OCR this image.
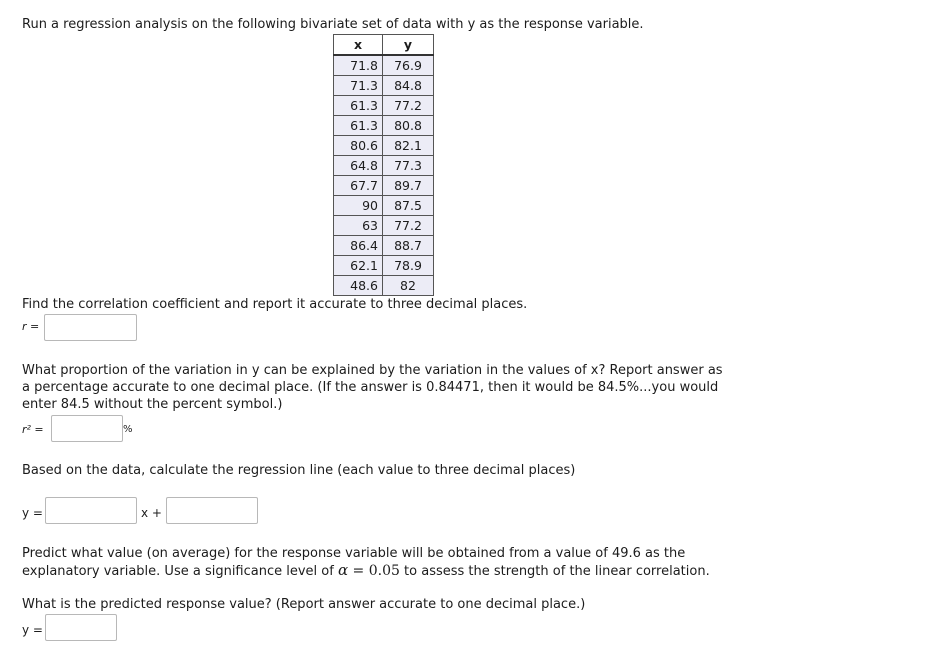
Run a regression analysis on the following bivariate set of data with y as the response variable.
x	y
71.8	76.9
71.3	84.8
61.3	77.2
61.3	80.8
80.6	82.1
64.8	77.3
67.7	89.7
90	87.5
63	77.2
86.4	88.7
62.1	78.9
48.6	82
Find the correlation coefficient and report it accurate to three decimal places.
r =
What proportion of the variation in y can be explained by the variation in the values of x? Report answer as
a percentage accurate to one decimal place. (If the answer is 0.84471, then it would be 84.5%...you would
enter 84.5 without the percent symbol.)
r² =	%
Based on the data, calculate the regression line (each value to three decimal places)
y =	x +
Predict what value (on average) for the response variable will be obtained from a value of 49.6 as the
explanatory variable. Use a significance level of α = 0.05 to assess the strength of the linear correlation.
What is the predicted response value? (Report answer accurate to one decimal place.)
y =
